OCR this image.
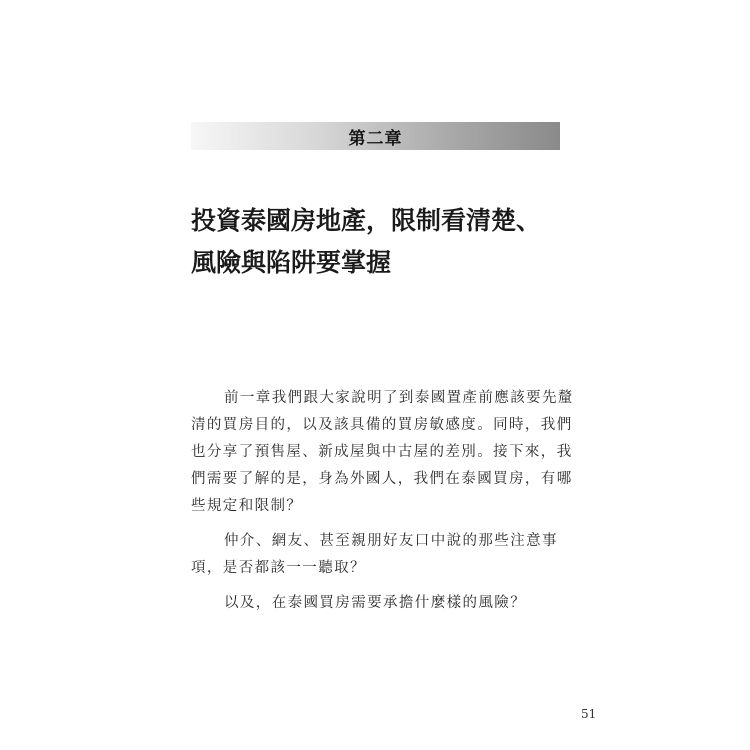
第二章
投資泰國房地產，限制看清楚、
風險與陷阱要掌握

前一章我們跟大家說明了到泰國置產前應該要先釐
清的買房目的，以及該具備的買房敏感度。同時，我們
也分享了預售屋、新成屋與中古屋的差別。接下來，我
們需要了解的是，身為外國人，我們在泰國買房，有哪
些規定和限制？

仲介、網友、甚至親朋好友口中說的那些注意事
項，是否都該一一聽取？

以及，在泰國買房需要承擔什麼樣的風險？

51
